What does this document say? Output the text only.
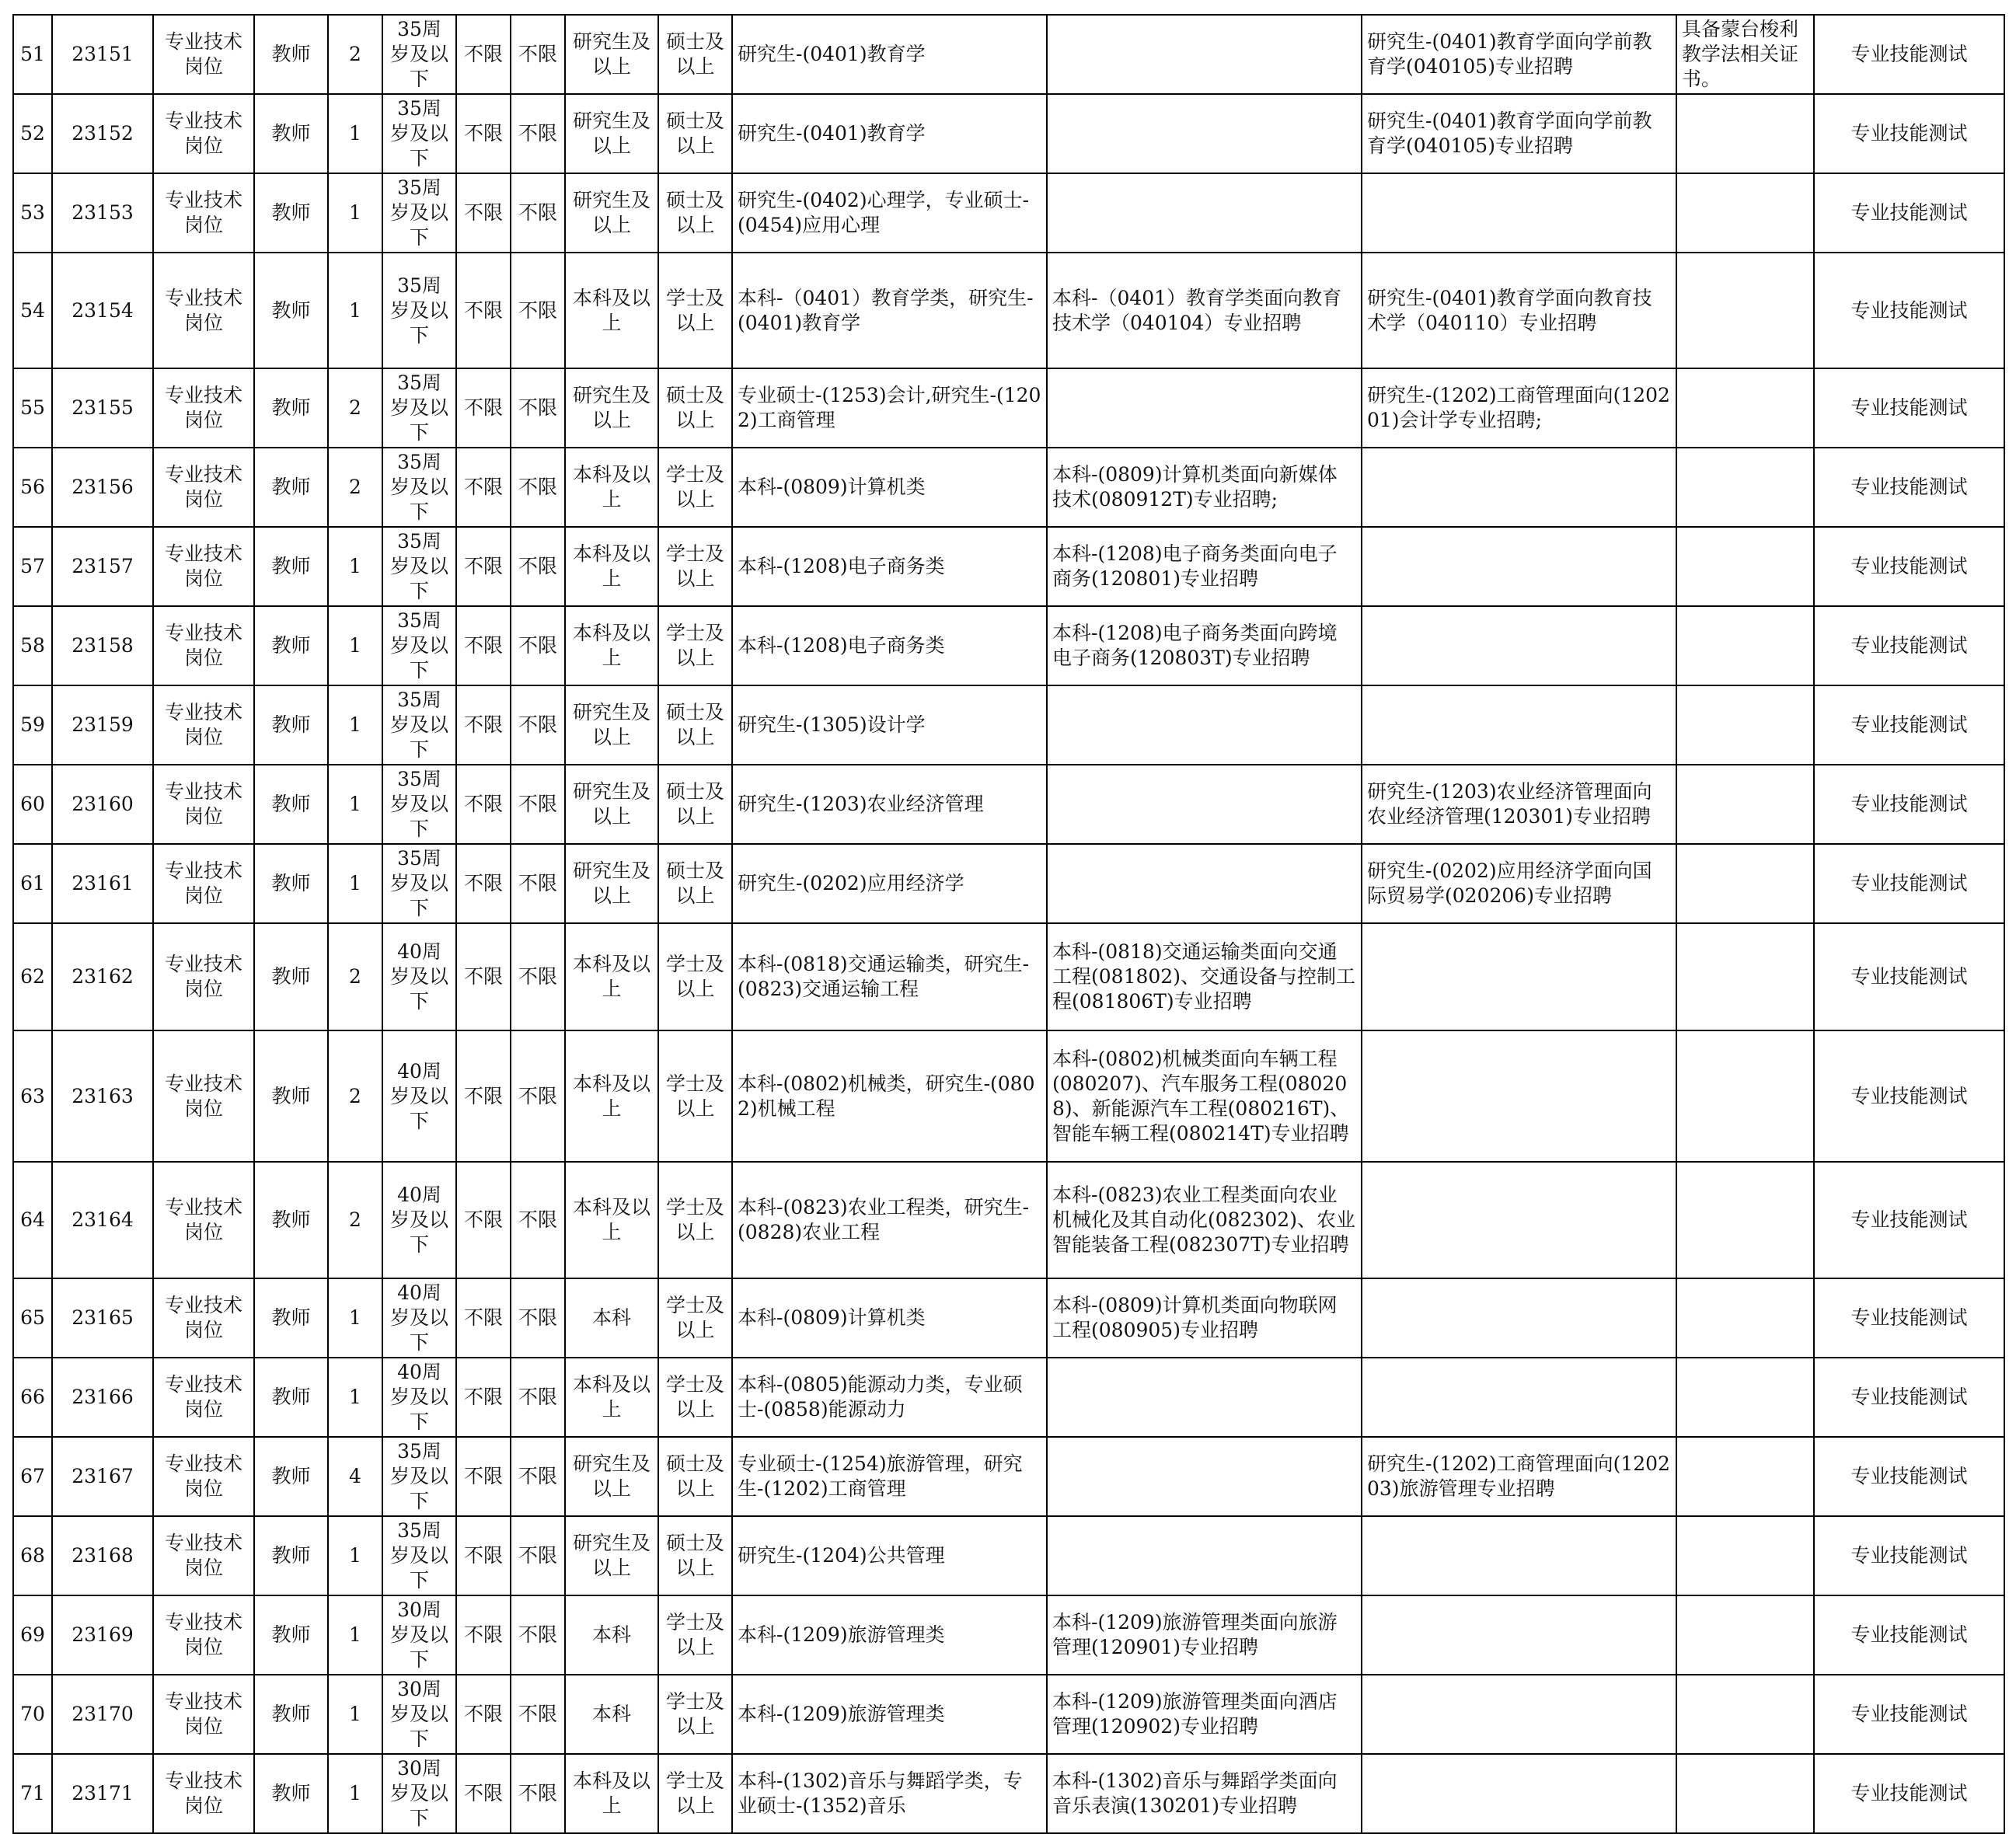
51	23151	专业技术岗位	教师	2	35周岁及以下	不限	不限	研究生及以上	硕士及以上	研究生-(0401)教育学		研究生-(0401)教育学面向学前教育学(040105)专业招聘	具备蒙台梭利教学法相关证书。	专业技能测试
52	23152	专业技术岗位	教师	1	35周岁及以下	不限	不限	研究生及以上	硕士及以上	研究生-(0401)教育学		研究生-(0401)教育学面向学前教育学(040105)专业招聘		专业技能测试
53	23153	专业技术岗位	教师	1	35周岁及以下	不限	不限	研究生及以上	硕士及以上	研究生-(0402)心理学，专业硕士-(0454)应用心理				专业技能测试
54	23154	专业技术岗位	教师	1	35周岁及以下	不限	不限	本科及以上	学士及以上	本科-（0401）教育学类，研究生-(0401)教育学	本科-（0401）教育学类面向教育技术学（040104）专业招聘	研究生-(0401)教育学面向教育技术学（040110）专业招聘		专业技能测试
55	23155	专业技术岗位	教师	2	35周岁及以下	不限	不限	研究生及以上	硕士及以上	专业硕士-(1253)会计,研究生-(1202)工商管理		研究生-(1202)工商管理面向(120201)会计学专业招聘;		专业技能测试
56	23156	专业技术岗位	教师	2	35周岁及以下	不限	不限	本科及以上	学士及以上	本科-(0809)计算机类	本科-(0809)计算机类面向新媒体技术(080912T)专业招聘;			专业技能测试
57	23157	专业技术岗位	教师	1	35周岁及以下	不限	不限	本科及以上	学士及以上	本科-(1208)电子商务类	本科-(1208)电子商务类面向电子商务(120801)专业招聘			专业技能测试
58	23158	专业技术岗位	教师	1	35周岁及以下	不限	不限	本科及以上	学士及以上	本科-(1208)电子商务类	本科-(1208)电子商务类面向跨境电子商务(120803T)专业招聘			专业技能测试
59	23159	专业技术岗位	教师	1	35周岁及以下	不限	不限	研究生及以上	硕士及以上	研究生-(1305)设计学				专业技能测试
60	23160	专业技术岗位	教师	1	35周岁及以下	不限	不限	研究生及以上	硕士及以上	研究生-(1203)农业经济管理		研究生-(1203)农业经济管理面向农业经济管理(120301)专业招聘		专业技能测试
61	23161	专业技术岗位	教师	1	35周岁及以下	不限	不限	研究生及以上	硕士及以上	研究生-(0202)应用经济学		研究生-(0202)应用经济学面向国际贸易学(020206)专业招聘		专业技能测试
62	23162	专业技术岗位	教师	2	40周岁及以下	不限	不限	本科及以上	学士及以上	本科-(0818)交通运输类，研究生-(0823)交通运输工程	本科-(0818)交通运输类面向交通工程(081802)、交通设备与控制工程(081806T)专业招聘			专业技能测试
63	23163	专业技术岗位	教师	2	40周岁及以下	不限	不限	本科及以上	学士及以上	本科-(0802)机械类，研究生-(0802)机械工程	本科-(0802)机械类面向车辆工程(080207)、汽车服务工程(080208)、新能源汽车工程(080216T)、智能车辆工程(080214T)专业招聘			专业技能测试
64	23164	专业技术岗位	教师	2	40周岁及以下	不限	不限	本科及以上	学士及以上	本科-(0823)农业工程类，研究生-(0828)农业工程	本科-(0823)农业工程类面向农业机械化及其自动化(082302)、农业智能装备工程(082307T)专业招聘			专业技能测试
65	23165	专业技术岗位	教师	1	40周岁及以下	不限	不限	本科	学士及以上	本科-(0809)计算机类	本科-(0809)计算机类面向物联网工程(080905)专业招聘			专业技能测试
66	23166	专业技术岗位	教师	1	40周岁及以下	不限	不限	本科及以上	学士及以上	本科-(0805)能源动力类，专业硕士-(0858)能源动力				专业技能测试
67	23167	专业技术岗位	教师	4	35周岁及以下	不限	不限	研究生及以上	硕士及以上	专业硕士-(1254)旅游管理，研究生-(1202)工商管理		研究生-(1202)工商管理面向(120203)旅游管理专业招聘		专业技能测试
68	23168	专业技术岗位	教师	1	35周岁及以下	不限	不限	研究生及以上	硕士及以上	研究生-(1204)公共管理				专业技能测试
69	23169	专业技术岗位	教师	1	30周岁及以下	不限	不限	本科	学士及以上	本科-(1209)旅游管理类	本科-(1209)旅游管理类面向旅游管理(120901)专业招聘			专业技能测试
70	23170	专业技术岗位	教师	1	30周岁及以下	不限	不限	本科	学士及以上	本科-(1209)旅游管理类	本科-(1209)旅游管理类面向酒店管理(120902)专业招聘			专业技能测试
71	23171	专业技术岗位	教师	1	30周岁及以下	不限	不限	本科及以上	学士及以上	本科-(1302)音乐与舞蹈学类，专业硕士-(1352)音乐	本科-(1302)音乐与舞蹈学类面向音乐表演(130201)专业招聘			专业技能测试
